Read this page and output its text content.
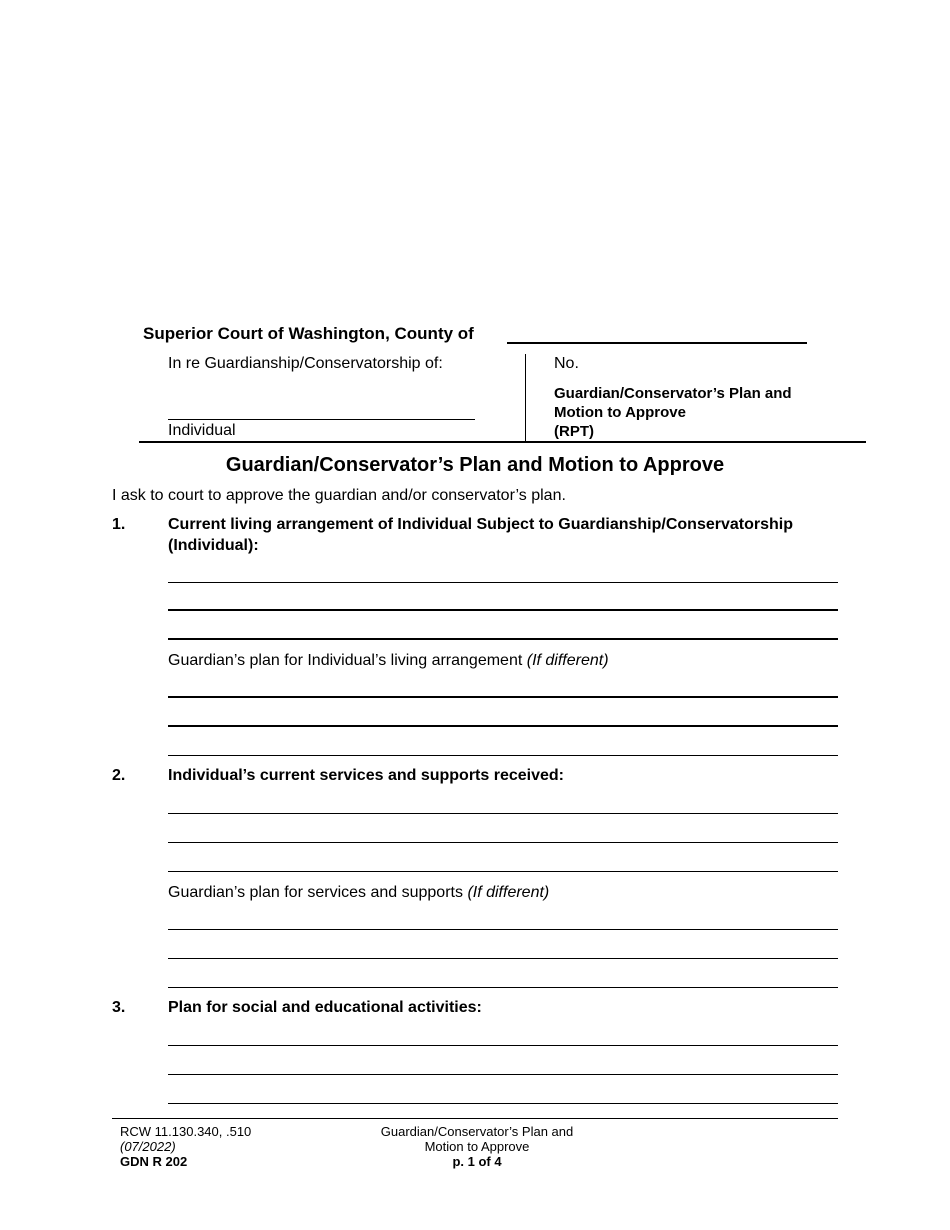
Superior Court of Washington, County of
In re Guardianship/Conservatorship of:
Individual
No.
Guardian/Conservator’s Plan and
Motion to Approve
(RPT)
Guardian/Conservator’s Plan and Motion to Approve
I ask to court to approve the guardian and/or conservator’s plan.
1.	Current living arrangement of Individual Subject to Guardianship/Conservatorship (Individual):
Guardian’s plan for Individual’s living arrangement (If different)
2.	Individual’s current services and supports received:
Guardian’s plan for services and supports (If different)
3.	Plan for social and educational activities:
RCW 11.130.340, .510
(07/2022)
GDN R 202
Guardian/Conservator’s Plan and
Motion to Approve
p. 1 of 4
